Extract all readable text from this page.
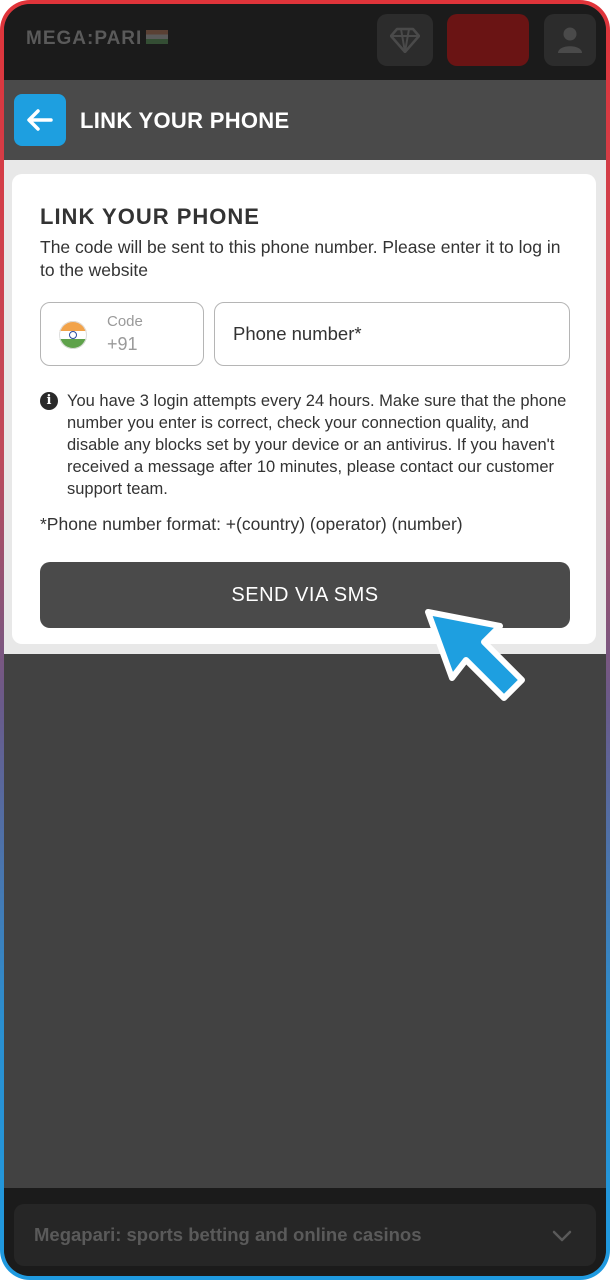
MEGA:PARI
LINK YOUR PHONE
LINK YOUR PHONE
The code will be sent to this phone number. Please enter it to log in to the website
Code
+91
Phone number*
i You have 3 login attempts every 24 hours. Make sure that the phone number you enter is correct, check your connection quality, and disable any blocks set by your device or an antivirus. If you haven't received a message after 10 minutes, please contact our customer support team.
*Phone number format: +(country) (operator) (number)
SEND VIA SMS
Megapari: sports betting and online casinos
